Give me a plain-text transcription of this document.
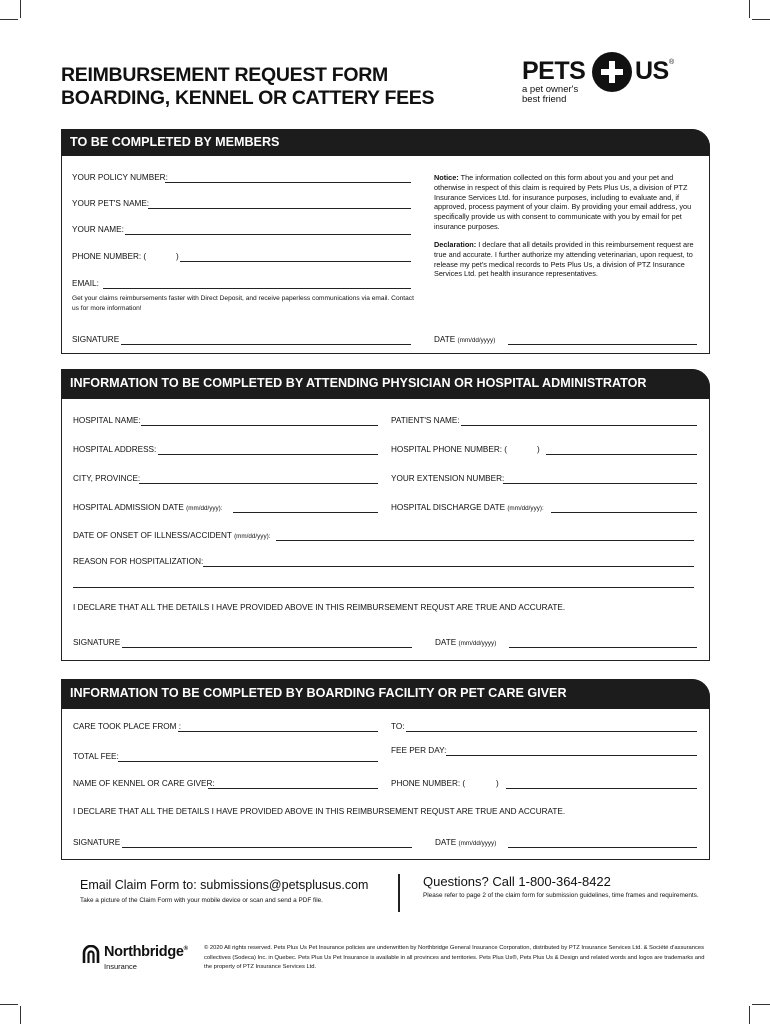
REIMBURSEMENT REQUEST FORM
BOARDING, KENNEL OR CATTERY FEES
PETS US ®
a pet owner's
best friend
TO BE COMPLETED BY MEMBERS
YOUR POLICY NUMBER:
YOUR PET'S NAME:
YOUR NAME:
PHONE NUMBER: (	)
EMAIL:
Get your claims reimbursements faster with Direct Deposit, and receive paperless communications via email. Contact us for more information!
Notice: The information collected on this form about you and your pet and otherwise in respect of this claim is required by Pets Plus Us, a division of PTZ Insurance Services Ltd. for insurance purposes, including to evaluate and, if approved, process payment of your claim. By providing your email address, you specifically provide us with consent to communicate with you by email for pet insurance purposes.
Declaration: I declare that all details provided in this reimbursement request are true and accurate. I further authorize my attending veterinarian, upon request, to release my pet's medical records to Pets Plus Us, a division of PTZ Insurance Services Ltd. pet health insurance representatives.
SIGNATURE	DATE (mm/dd/yyyy)
INFORMATION TO BE COMPLETED BY ATTENDING PHYSICIAN OR HOSPITAL ADMINISTRATOR
HOSPITAL NAME:	PATIENT'S NAME:
HOSPITAL ADDRESS:	HOSPITAL PHONE NUMBER: (	)
CITY, PROVINCE:	YOUR EXTENSION NUMBER:
HOSPITAL ADMISSION DATE (mm/dd/yyy):	HOSPITAL DISCHARGE DATE (mm/dd/yyy):
DATE OF ONSET OF ILLNESS/ACCIDENT (mm/dd/yyy):
REASON FOR HOSPITALIZATION:
I DECLARE THAT ALL THE DETAILS I HAVE PROVIDED ABOVE IN THIS REIMBURSEMENT REQUST ARE TRUE AND ACCURATE.
SIGNATURE	DATE (mm/dd/yyyy)
INFORMATION TO BE COMPLETED BY BOARDING FACILITY OR PET CARE GIVER
CARE TOOK PLACE FROM :	TO:
TOTAL FEE:
FEE PER DAY:
NAME OF KENNEL OR CARE GIVER:	PHONE NUMBER: (	)
I DECLARE THAT ALL THE DETAILS I HAVE PROVIDED ABOVE IN THIS REIMBURSEMENT REQUST ARE TRUE AND ACCURATE.
SIGNATURE	DATE (mm/dd/yyyy)
Email Claim Form to: submissions@petsplusus.com
Take a picture of the Claim Form with your mobile device or scan and send a PDF file.
Questions? Call 1-800-364-8422
Please refer to page 2 of the claim form for submission guidelines, time frames and requirements.
Northbridge®
Insurance
© 2020 All rights reserved. Pets Plus Us Pet Insurance policies are underwritten by Northbridge General Insurance Corporation, distributed by PTZ Insurance Services Ltd. & Société d'assurances collectives (Sodeca) Inc. in Quebec. Pets Plus Us Pet Insurance is available in all provinces and territories. Pets Plus Us®, Pets Plus Us & Design and related words and logos are trademarks and the property of PTZ Insurance Services Ltd.
